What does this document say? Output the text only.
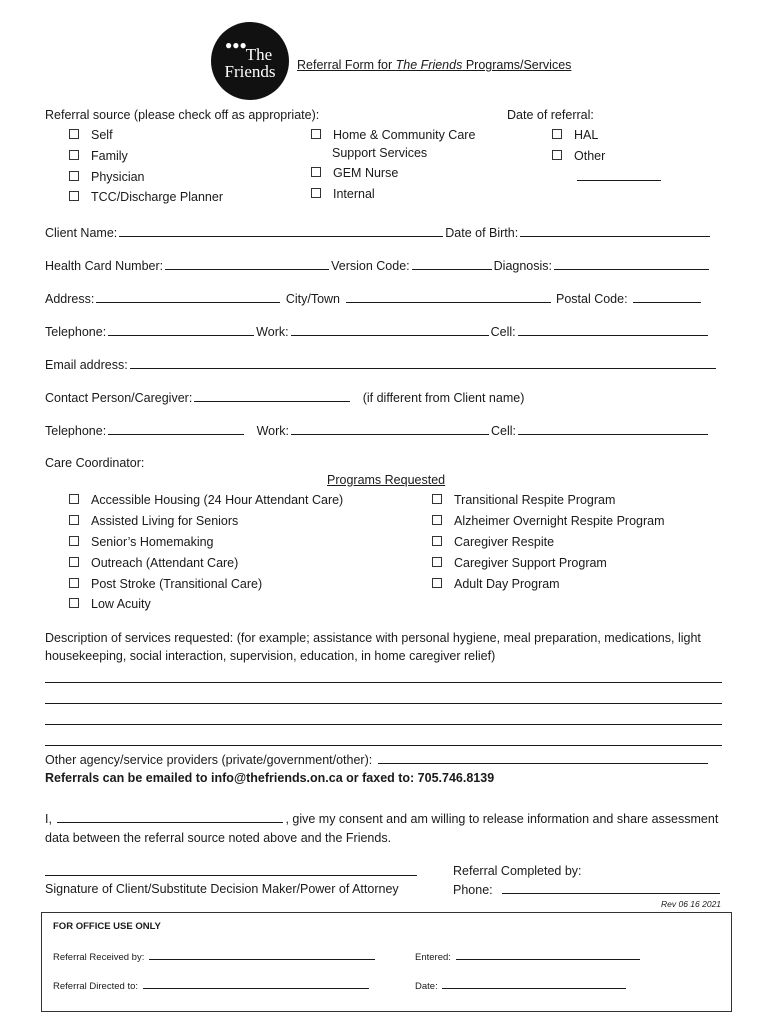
●●● The
Friends Referral Form for The Friends Programs/Services
Referral source (please check off as appropriate):
Self
Family
Physician
TCC/Discharge Planner
Home & Community Care
Support Services
GEM Nurse
Internal
Date of referral:
HAL
Other
Client Name:	Date of Birth:
Health Card Number:	Version Code:	Diagnosis:
Address:	City/Town	Postal Code:
Telephone:	Work:	Cell:
Email address:
Contact Person/Caregiver:	(if different from Client name)
Telephone:	Work:	Cell:
Care Coordinator:
Programs Requested
Accessible Housing (24 Hour Attendant Care)
Assisted Living for Seniors
Senior’s Homemaking
Outreach (Attendant Care)
Post Stroke (Transitional Care)
Low Acuity
Transitional Respite Program
Alzheimer Overnight Respite Program
Caregiver Respite
Caregiver Support Program
Adult Day Program
Description of services requested: (for example; assistance with personal hygiene, meal preparation, medications, light
housekeeping, social interaction, supervision, education, in home caregiver relief)
Other agency/service providers (private/government/other):
Referrals can be emailed to info@thefriends.on.ca or faxed to: 705.746.8139
I,	, give my consent and am willing to release information and share assessment
data between the referral source noted above and the Friends.
Signature of Client/Substitute Decision Maker/Power of Attorney
Referral Completed by:
Phone:
Rev 06 16 2021
FOR OFFICE USE ONLY
Referral Received by:	Entered:
Referral Directed to:	Date:
